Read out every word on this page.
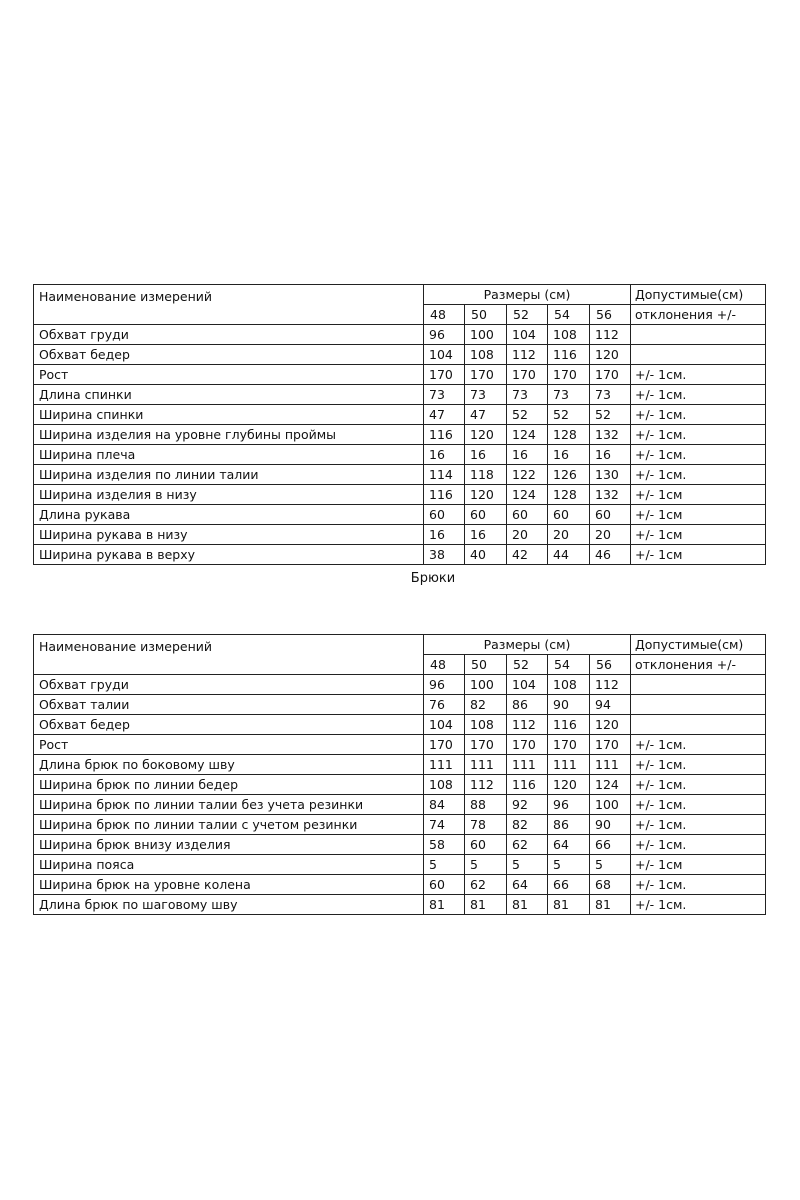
Наименование измерений	Размеры (см)					Допустимые(см)
	48	50	52	54	56	отклонения +/-
Обхват груди	96	100	104	108	112	
Обхват бедер	104	108	112	116	120	
Рост	170	170	170	170	170	+/- 1см.
Длина спинки	73	73	73	73	73	+/- 1см.
Ширина спинки	47	47	52	52	52	+/- 1см.
Ширина изделия на уровне глубины проймы	116	120	124	128	132	+/- 1см.
Ширина плеча	16	16	16	16	16	+/- 1см.
Ширина изделия по линии талии	114	118	122	126	130	+/- 1см.
Ширина изделия в низу	116	120	124	128	132	+/- 1см
Длина рукава	60	60	60	60	60	+/- 1см
Ширина рукава в низу	16	16	20	20	20	+/- 1см
Ширина рукава в верху	38	40	42	44	46	+/- 1см
Брюки
Наименование измерений	Размеры (см)					Допустимые(см)
	48	50	52	54	56	отклонения +/-
Обхват груди	96	100	104	108	112	
Обхват талии	76	82	86	90	94	
Обхват бедер	104	108	112	116	120	
Рост	170	170	170	170	170	+/- 1см.
Длина брюк по боковому шву	111	111	111	111	111	+/- 1см.
Ширина брюк по линии бедер	108	112	116	120	124	+/- 1см.
Ширина брюк по линии талии без учета резинки	84	88	92	96	100	+/- 1см.
Ширина брюк по линии талии с учетом резинки	74	78	82	86	90	+/- 1см.
Ширина брюк внизу изделия	58	60	62	64	66	+/- 1см.
Ширина пояса	5	5	5	5	5	+/- 1см
Ширина брюк на уровне колена	60	62	64	66	68	+/- 1см.
Длина брюк по шаговому шву	81	81	81	81	81	+/- 1см.
